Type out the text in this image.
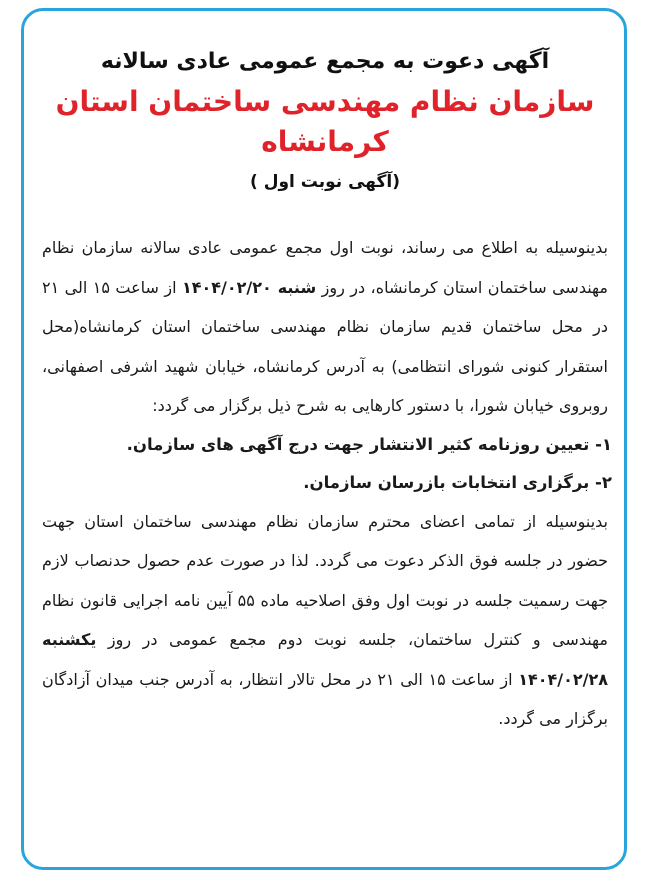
آگهی دعوت به مجمع عمومی عادی سالانه

سازمان نظام مهندسی ساختمان استان کرمانشاه

(آگهی نوبت اول )

بدینوسیله به اطلاع می رساند، نوبت اول مجمع عمومی عادی سالانه سازمان نظام مهندسی ساختمان استان کرمانشاه، در روز شنبه ۱۴۰۴/۰۲/۲۰ از ساعت ۱۵ الی ۲۱ در محل ساختمان قدیم سازمان نظام مهندسی ساختمان استان کرمانشاه(محل استقرار کنونی شورای انتظامی) به آدرس کرمانشاه، خیابان شهید اشرفی اصفهانی، روبروی خیابان شورا، با دستور کارهایی به شرح ذیل برگزار می گردد:

۱- تعیین روزنامه کثیر الانتشار جهت درج آگهی های سازمان.

۲- برگزاری انتخابات بازرسان سازمان.

بدینوسیله از تمامی اعضای محترم سازمان نظام مهندسی ساختمان استان جهت حضور در جلسه فوق الذکر دعوت می گردد. لذا در صورت عدم حصول حدنصاب لازم جهت رسمیت جلسه در نوبت اول وفق اصلاحیه ماده ۵۵ آیین نامه اجرایی قانون نظام مهندسی و کنترل ساختمان، جلسه نوبت دوم مجمع عمومی در روز یکشنبه ۱۴۰۴/۰۲/۲۸ از ساعت ۱۵ الی ۲۱ در محل تالار انتظار، به آدرس جنب میدان آزادگان برگزار می گردد.
